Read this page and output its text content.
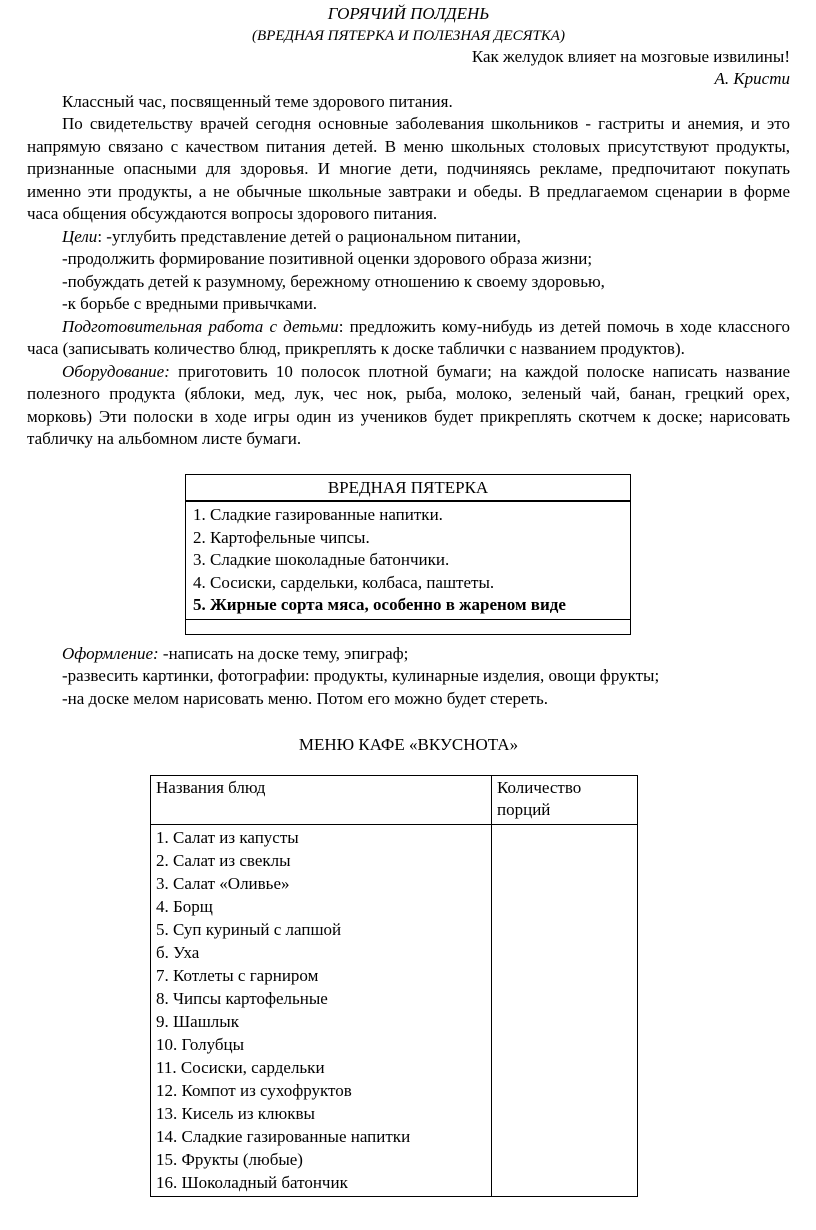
ГОРЯЧИЙ ПОЛДЕНЬ

(ВРЕДНАЯ ПЯТЕРКА И ПОЛЕЗНАЯ ДЕСЯТКА)

Как желудок влияет на мозговые извилины!

А. Кристи

Классный час, посвященный теме здорового питания.

По свидетельству врачей сегодня основные заболевания школьников - гастриты и анемия, и это напрямую связано с качеством питания детей. В меню школьных столовых присутствуют продукты, признанные опасными для здоровья. И многие дети, подчиняясь рекламе, предпочитают покупать именно эти продукты, а не обычные школьные завтраки и обеды. В предлагаемом сценарии в форме часа общения обсуждаются вопросы здорового питания.

Цели: -углубить представление детей о рациональном питании,

-продолжить формирование позитивной оценки здорового образа жизни;

-побуждать детей к разумному, бережному отношению к своему здоровью,

-к борьбе с вредными привычками.

Подготовительная работа с детьми: предложить кому-нибудь из детей помочь в ходе классного часа (записывать количество блюд, прикреплять к доске таблички с названием продуктов).

Оборудование: приготовить 10 полосок плотной бумаги; на каждой полоске написать название полезного продукта (яблоки, мед, лук, чес нок, рыба, молоко, зеленый чай, банан, грецкий орех, морковь) Эти полоски в ходе игры один из учеников будет прикреплять скотчем к доске; нарисовать табличку на альбомном листе бумаги.

ВРЕДНАЯ ПЯТЕРКА
1. Сладкие газированные напитки.
2. Картофельные чипсы.
3. Сладкие шоколадные батончики.
4. Сосиски, сардельки, колбаса, паштеты.
5. Жирные сорта мяса, особенно в жареном виде

Оформление: -написать на доске тему, эпиграф;

-развесить картинки, фотографии: продукты, кулинарные изделия, овощи фрукты;

-на доске мелом нарисовать меню. Потом его можно будет стереть.

МЕНЮ КАФЕ «ВКУСНОТА»

Названия блюд	Количество порций
1. Салат из капусты
2. Салат из свеклы
3. Салат «Оливье»
4. Борщ
5. Суп куриный с лапшой
б. Уха
7. Котлеты с гарниром
8. Чипсы картофельные
9. Шашлык
10. Голубцы
11. Сосиски, сардельки
12. Компот из сухофруктов
13. Кисель из клюквы
14. Сладкие газированные напитки
15. Фрукты (любые)
16. Шоколадный батончик
